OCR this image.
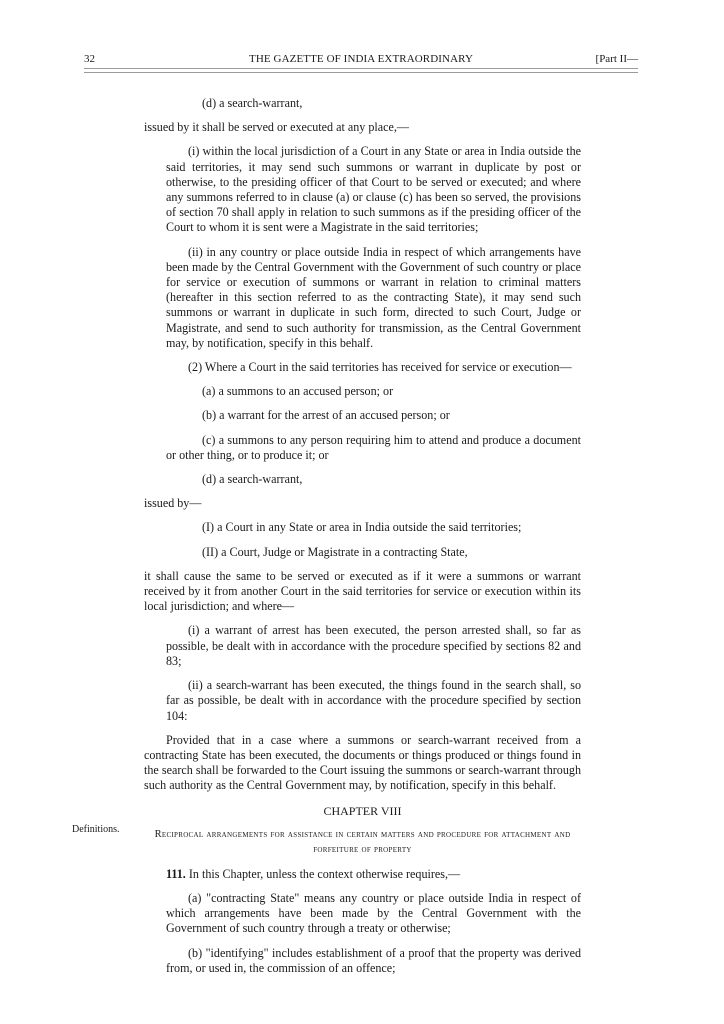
32	THE GAZETTE OF INDIA EXTRAORDINARY	[Part II—

(d) a search-warrant,

issued by it shall be served or executed at any place,—

(i) within the local jurisdiction of a Court in any State or area in India outside the said territories, it may send such summons or warrant in duplicate by post or otherwise, to the presiding officer of that Court to be served or executed; and where any summons referred to in clause (a) or clause (c) has been so served, the provisions of section 70 shall apply in relation to such summons as if the presiding officer of the Court to whom it is sent were a Magistrate in the said territories;

(ii) in any country or place outside India in respect of which arrangements have been made by the Central Government with the Government of such country or place for service or execution of summons or warrant in relation to criminal matters (hereafter in this section referred to as the contracting State), it may send such summons or warrant in duplicate in such form, directed to such Court, Judge or Magistrate, and send to such authority for transmission, as the Central Government may, by notification, specify in this behalf.

(2) Where a Court in the said territories has received for service or execution—

(a) a summons to an accused person; or

(b) a warrant for the arrest of an accused person; or

(c) a summons to any person requiring him to attend and produce a document or other thing, or to produce it; or

(d) a search-warrant,

issued by—

(I) a Court in any State or area in India outside the said territories;

(II) a Court, Judge or Magistrate in a contracting State,

it shall cause the same to be served or executed as if it were a summons or warrant received by it from another Court in the said territories for service or execution within its local jurisdiction; and where—

(i) a warrant of arrest has been executed, the person arrested shall, so far as possible, be dealt with in accordance with the procedure specified by sections 82 and 83;

(ii) a search-warrant has been executed, the things found in the search shall, so far as possible, be dealt with in accordance with the procedure specified by section 104:

Provided that in a case where a summons or search-warrant received from a contracting State has been executed, the documents or things produced or things found in the search shall be forwarded to the Court issuing the summons or search-warrant through such authority as the Central Government may, by notification, specify in this behalf.

CHAPTER VIII
Reciprocal arrangements for assistance in certain matters and procedure for attachment and forfeiture of property

111. In this Chapter, unless the context otherwise requires,—

(a) "contracting State" means any country or place outside India in respect of which arrangements have been made by the Central Government with the Government of such country through a treaty or otherwise;

(b) "identifying" includes establishment of a proof that the property was derived from, or used in, the commission of an offence;

Definitions.
